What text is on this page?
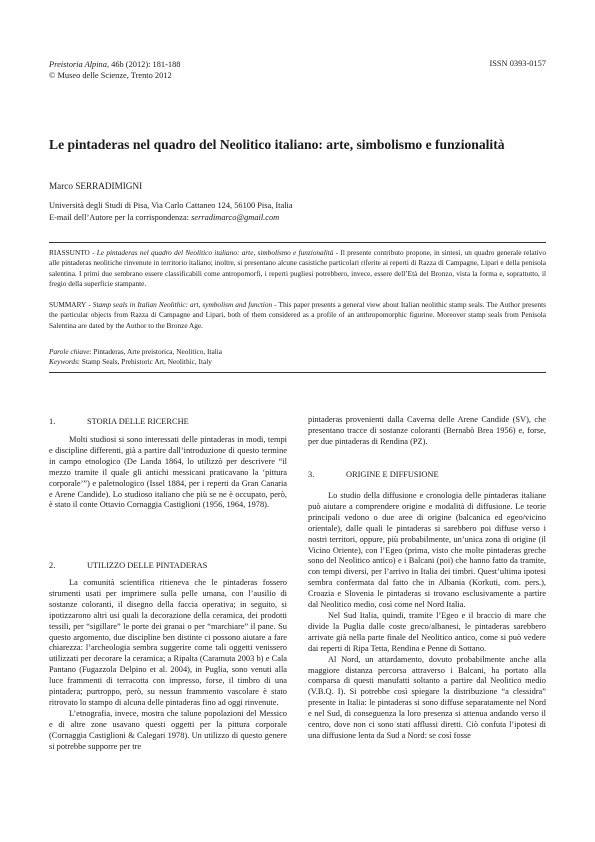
Preistoria Alpina, 46b (2012): 181-188
© Museo delle Scienze, Trento 2012
ISSN 0393-0157
Le pintaderas nel quadro del Neolitico italiano: arte, simbolismo e funzionalità
Marco SERRADIMIGNI
Università degli Studi di Pisa, Via Carlo Cattaneo 124, 56100 Pisa, Italia
E-mail dell’Autore per la corrispondenza: serradimarco@gmail.com
RIASSUNTO - Le pintaderas nel quadro del Neolitico italiano: arte, simbolismo e funzionalità - Il presente contributo propone, in sintesi, un quadro generale relativo alle pintaderas neolitiche rinvenute in territorio italiano; inoltre, si presentano alcune casistiche particolari riferite ai reperti di Razza di Campagne, Lipari e della penisola salentina. I primi due sembrano essere classificabili come antropomorfi, i reperti pugliesi potrebbero, invece, essere dell’Età del Bronzo, vista la forma e, soprattutto, il fregio della superficie stampante.
SUMMARY - Stamp seals in Italian Neolithic: art, symbolism and function - This paper presents a general view about Italian neolithic stamp seals. The Author presents the particular objects from Razza di Campagne and Lipari, both of them considered as a profile of an anthropomorphic figurine. Moreover stamp seals from Penisola Salentina are dated by the Author to the Bronze Age.
Parole chiave: Pintaderas, Arte preistorica, Neolitico, Italia
Keywords: Stamp Seals, Prehistoric Art, Neolithic, Italy
1.	STORIA DELLE RICERCHE

Molti studiosi si sono interessati delle pintaderas in modi, tempi e discipline differenti, già a partire dall’introduzione di questo termine in campo etnologico (De Landa 1864, lo utilizzò per descrivere “il mezzo tramite il quale gli antichi messicani praticavano la ‘pittura corporale’”) e paletnologico (Issel 1884, per i reperti da Gran Canaria e Arene Candide). Lo studioso italiano che più se ne è occupato, però, è stato il conte Ottavio Cornaggia Castiglioni (1956, 1964, 1978).

2.	UTILIZZO DELLE PINTADERAS

La comunità scientifica ritieneva che le pintaderas fossero strumenti usati per imprimere sulla pelle umana, con l’ausilio di sostanze coloranti, il disegno della faccia operativa; in seguito, si ipotizzarono altri usi quali la decorazione della ceramica, dei prodotti tessili, per “sigillare” le porte dei granai o per “marchiare” il pane. Su questo argomento, due discipline ben distinte ci possono aiutare a fare chiarezza: l’archeologia sembra suggerire come tali oggetti venissero utilizzati per decorare la ceramica; a Ripalta (Caramuta 2003 b) e Cala Pantano (Fugazzola Delpino et al. 2004), in Puglia, sono venuti alla luce frammenti di terracotta con impresso, forse, il timbro di una pintadera; purtroppo, però, su nessun frammento vascolare è stato ritrovato lo stampo di alcuna delle pintaderas fino ad oggi rinvenute.

L’etnografia, invece, mostra che talune popolazioni del Messico e di altre zone usavano questi oggetti per la pittura corporale (Cornaggia Castiglioni & Calegari 1978). Un utilizzo di questo genere si potrebbe supporre per tre

pintaderas provenienti dalla Caverna delle Arene Candide (SV), che presentano tracce di sostanze coloranti (Bernabò Brea 1956) e, forse, per due pintaderas di Rendina (PZ).

3.	ORIGINE E DIFFUSIONE

Lo studio della diffusione e cronologia delle pintaderas italiane può aiutare a comprendere origine e modalità di diffusione. Le teorie principali vedono o due aree di origine (balcanica ed egeo/vicino orientale), dalle quali le pintaderas si sarebbero poi diffuse verso i nostri territori, oppure, più probabilmente, un’unica zona di origine (il Vicino Oriente), con l’Egeo (prima, visto che molte pintaderas greche sono del Neolitico antico) e i Balcani (poi) che hanno fatto da tramite, con tempi diversi, per l’arrivo in Italia dei timbri. Quest’ultima ipotesi sembra confermata dal fatto che in Albania (Korkuti, com. pers.), Croazia e Slovenia le pintaderas si trovano esclusivamente a partire dal Neolitico medio, così come nel Nord Italia.

Nel Sud Italia, quindi, tramite l’Egeo e il braccio di mare che divide la Puglia dalle coste greco/albanesi, le pintaderas sarebbero arrivate già nella parte finale del Neolitico antico, come si può vedere dai reperti di Ripa Tetta, Rendina e Penne di Sottano.

Al Nord, un attardamento, dovuto probabilmente anche alla maggiore distanza percorsa attraverso i Balcani, ha portato alla comparsa di questi manufatti soltanto a partire dal Neolitico medio (V.B.Q. I). Si potrebbe così spiegare la distribuzione “a clessidra” presente in Italia: le pintaderas si sono diffuse separatamente nel Nord e nel Sud, di conseguenza la loro presenza si attenua andando verso il centro, dove non ci sono stati afflussi diretti. Ciò confuta l’ipotesi di una diffusione lenta da Sud a Nord: se così fosse
